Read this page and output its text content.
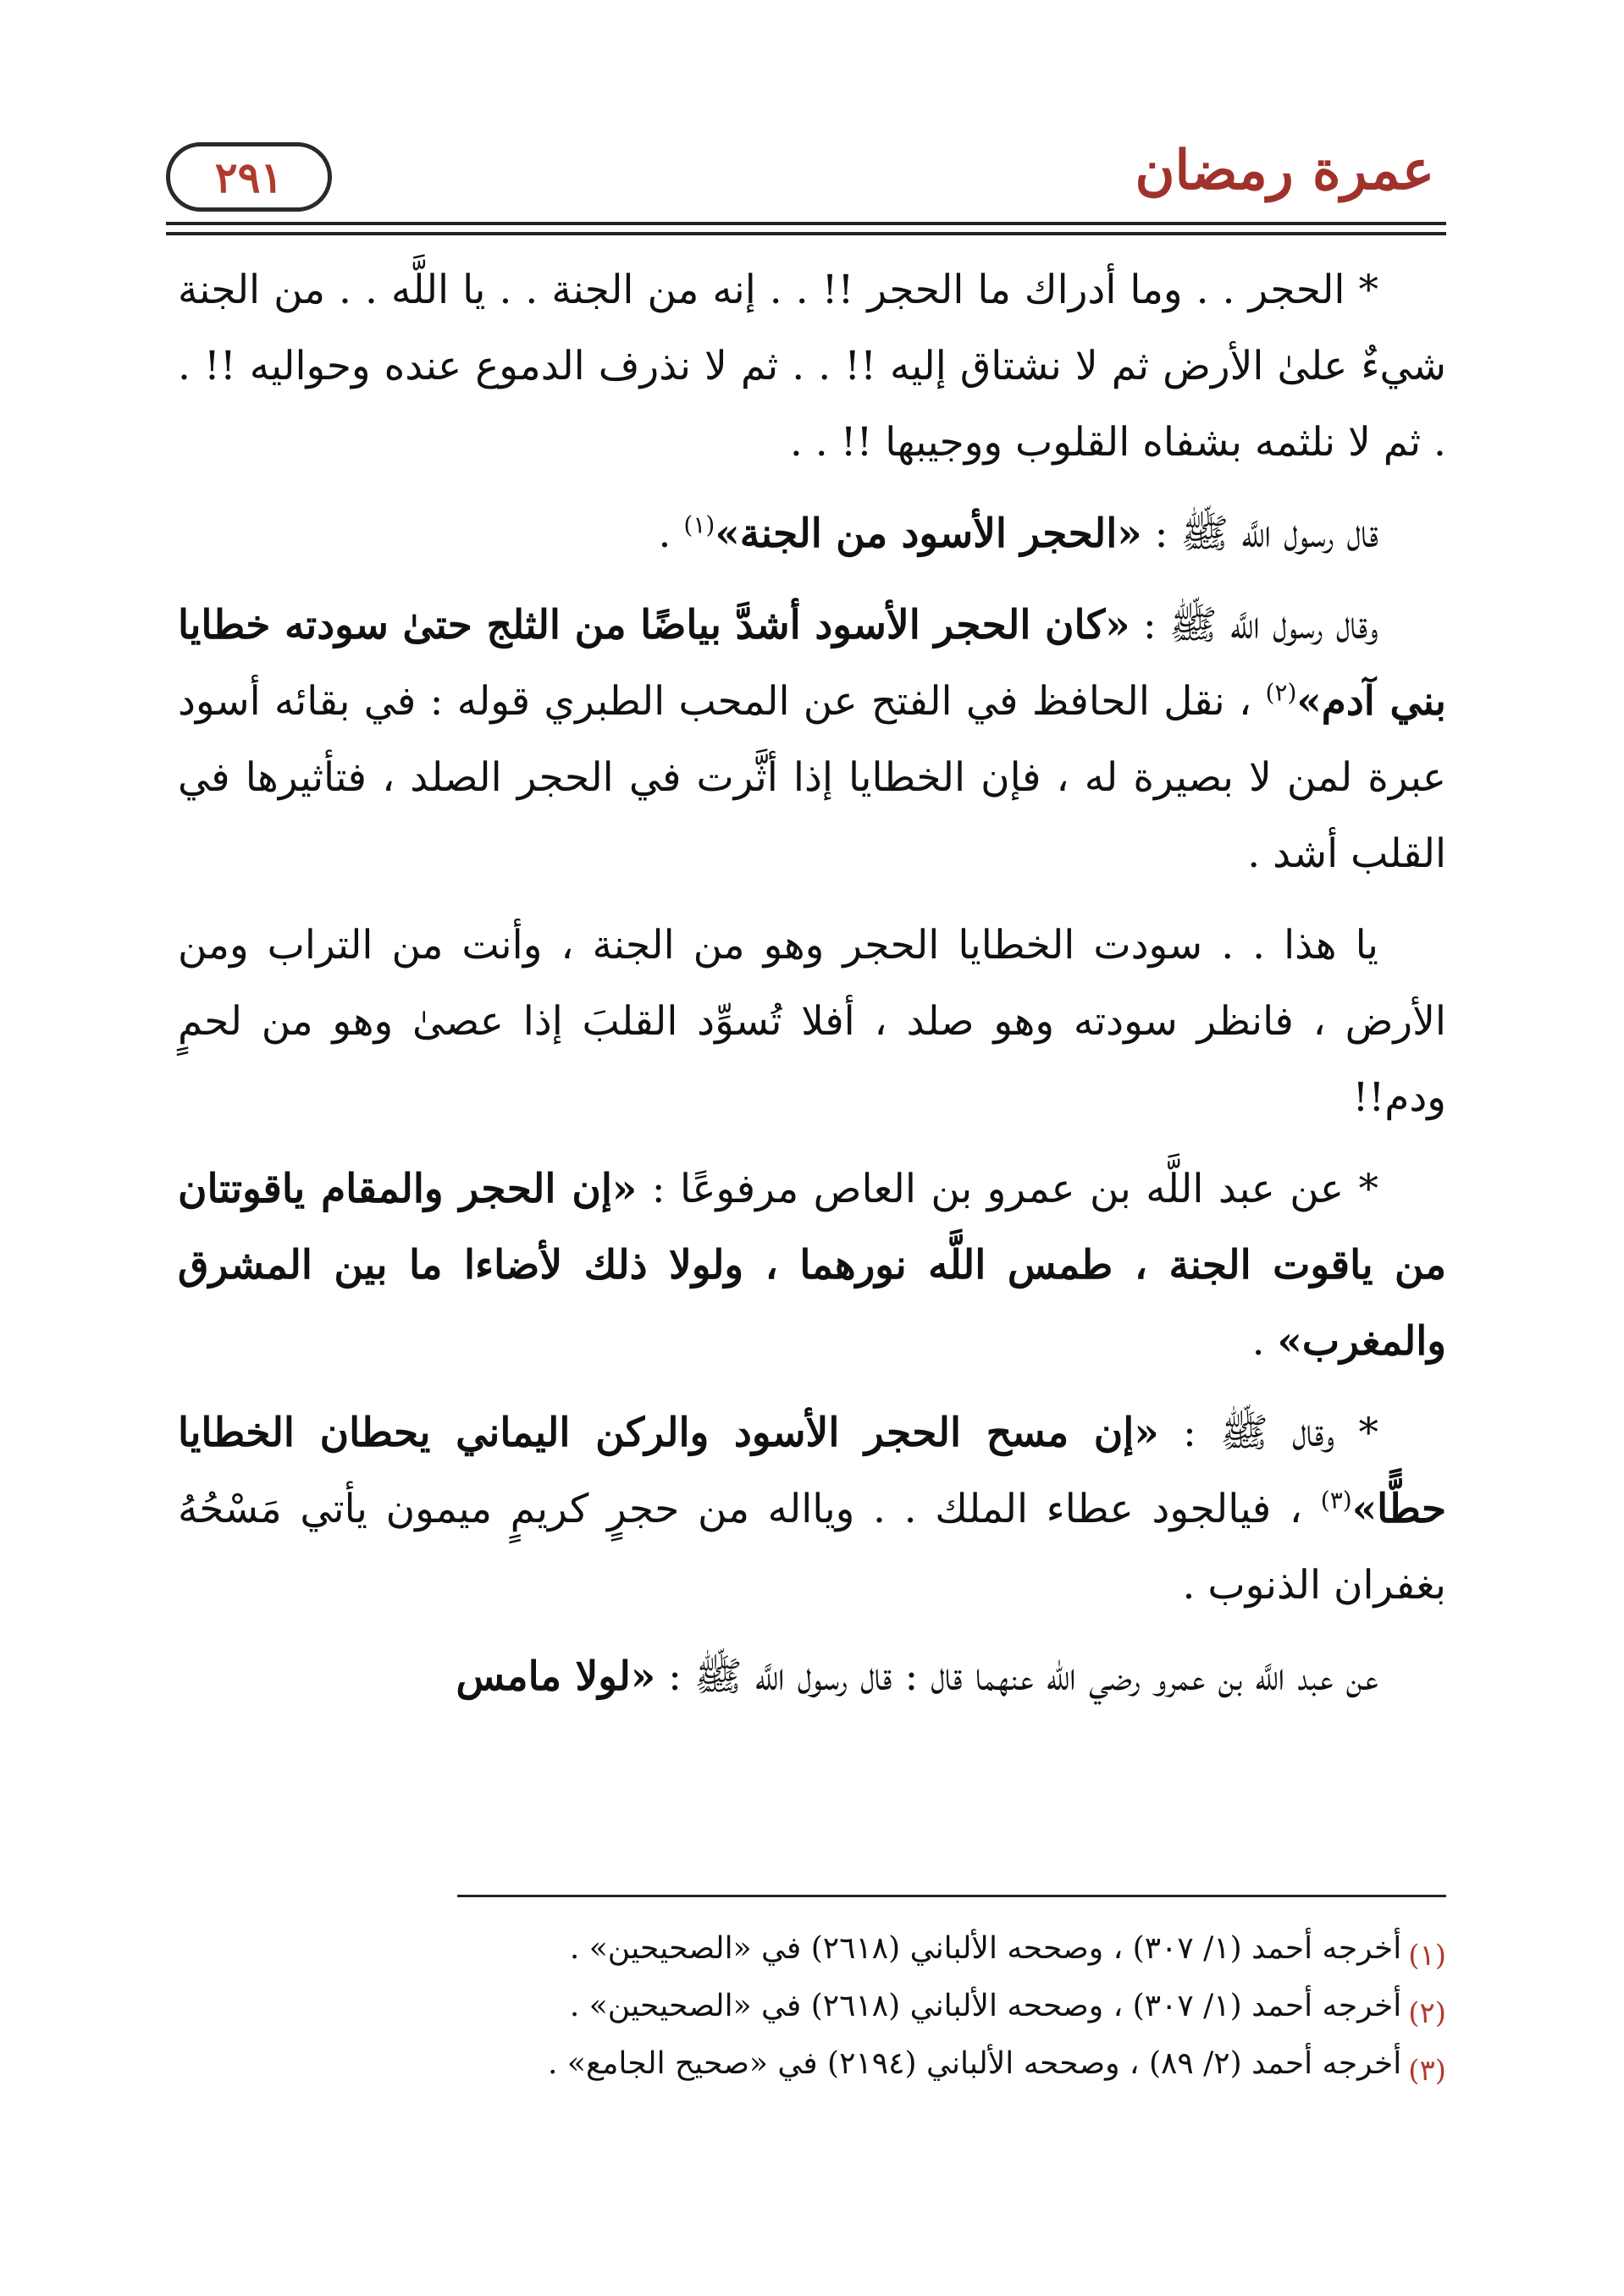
عمرة رمضان
٢٩١

* الحجر . . وما أدراك ما الحجر !! . . إنه من الجنة . . يا اللَّه . . من الجنة شيءٌ علىٰ الأرض ثم لا نشتاق إليه !! . . ثم لا نذرف الدموع عنده وحواليه !! . . ثم لا نلثمه بشفاه القلوب ووجيبها !! . .

قال رسول اللَّه ﷺ : «الحجر الأسود من الجنة»$^{(١)}$ .

وقال رسول اللَّه ﷺ : «كان الحجر الأسود أشدَّ بياضًا من الثلج حتىٰ سودته خطايا بني آدم»$^{(٢)}$ ، نقل الحافظ في الفتح عن المحب الطبري قوله : في بقائه أسود عبرة لمن لا بصيرة له ، فإن الخطايا إذا أثَّرت في الحجر الصلد ، فتأثيرها في القلب أشد .

يا هذا . . سودت الخطايا الحجر وهو من الجنة ، وأنت من التراب ومن الأرض ، فانظر سودته وهو صلد ، أفلا تُسوِّد القلبَ إذا عصىٰ وهو من لحمٍ ودم!!

* عن عبد اللَّه بن عمرو بن العاص مرفوعًا : «إن الحجر والمقام ياقوتتان من ياقوت الجنة ، طمس اللَّه نورهما ، ولولا ذلك لأضاءا ما بين المشرق والمغرب» .

* وقال ﷺ : «إن مسح الحجر الأسود والركن اليماني يحطان الخطايا حطًّا»$^{(٣)}$ ، فيالجود عطاء الملك . . ويااله من حجرٍ كريمٍ ميمون يأتي مَسْحُهُ بغفران الذنوب .

عن عبد اللَّه بن عمرو رضي الله عنهما قال : قال رسول اللَّه ﷺ : «لولا مامس

(١)
أخرجه أحمد (١/ ٣٠٧) ، وصححه الألباني (٢٦١٨) في «الصحيحين» .
(٢)
أخرجه أحمد (١/ ٣٠٧) ، وصححه الألباني (٢٦١٨) في «الصحيحين» .
(٣)
أخرجه أحمد (٢/ ٨٩) ، وصححه الألباني (٢١٩٤) في «صحيح الجامع» .
